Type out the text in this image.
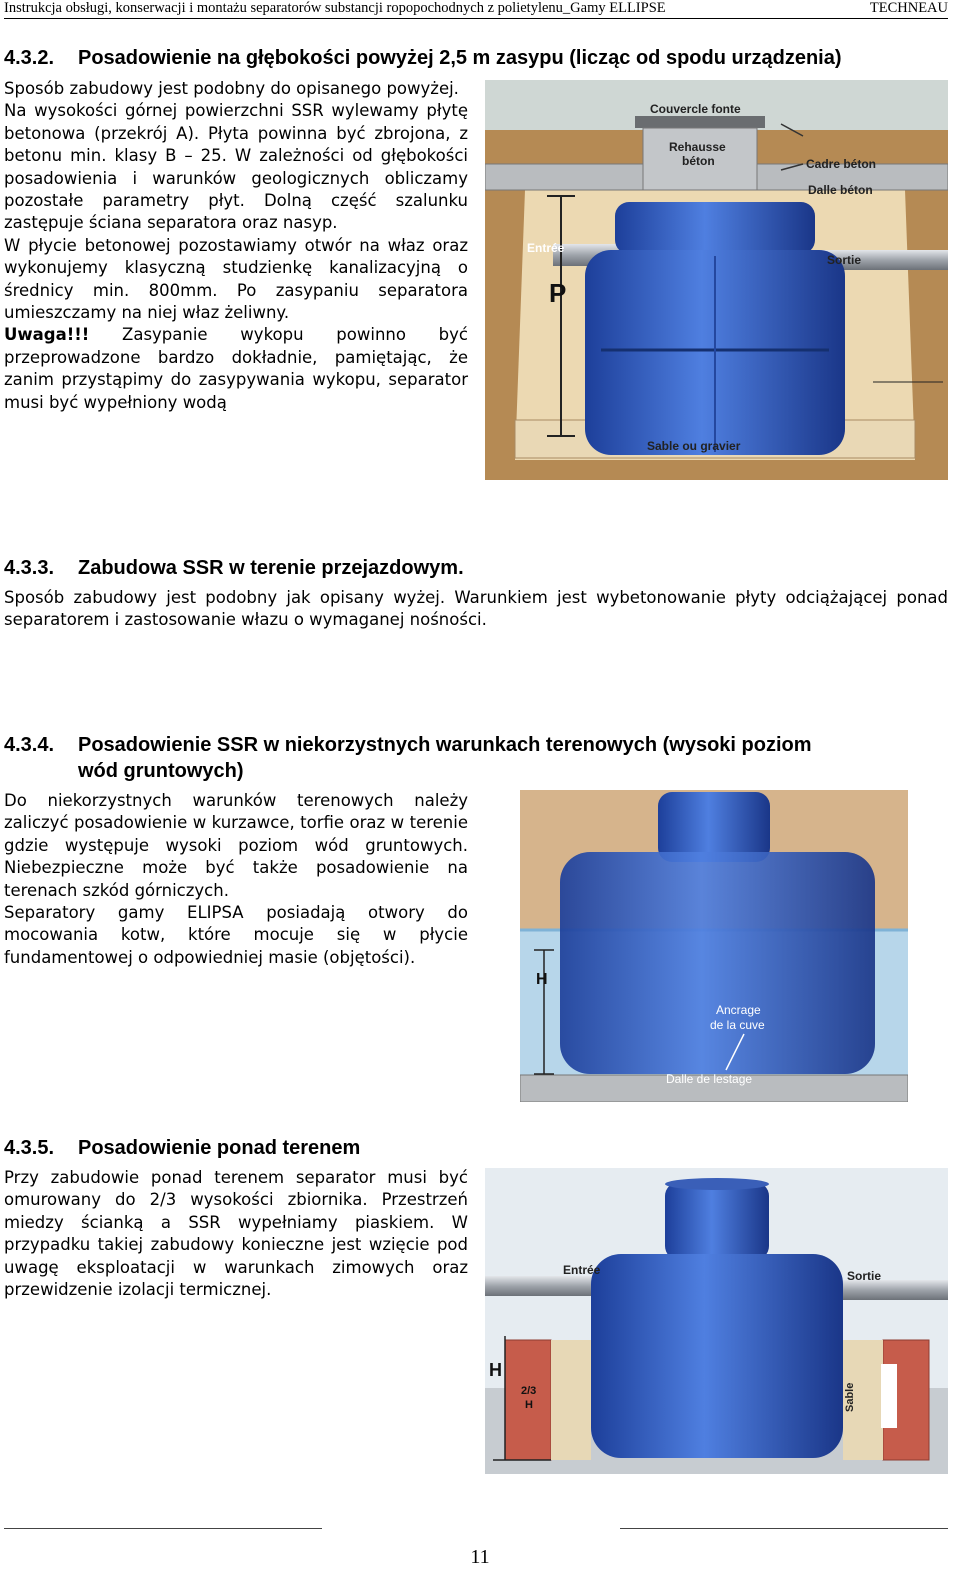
Instrukcja obsługi, konserwacji i montażu separatorów substancji ropopochodnych z polietylenu_Gamy ELLIPSE	TECHNEAU
4.3.2. Posadowienie na głębokości powyżej 2,5 m zasypu (licząc od spodu urządzenia)

Sposób zabudowy jest podobny do opisanego powyżej.

Na wysokości górnej powierzchni SSR wylewamy płytę betonowa (przekrój A). Płyta powinna być zbrojona, z betonu min. klasy B – 25. W zależności od głębokości posadowienia i warunków geologicznych obliczamy pozostałe parametry płyt. Dolną część szalunku zastępuje ściana separatora oraz nasyp.

W płycie betonowej pozostawiamy otwór na właz oraz wykonujemy klasyczną studzienkę kanalizacyjną o średnicy min. 800mm. Po zasypaniu separatora umieszczamy na niej właz żeliwny.

Uwaga!!! Zasypanie wykopu powinno być przeprowadzone bardzo dokładnie, pamiętając, że zanim przystąpimy do zasypywania wykopu, separator musi być wypełniony wodą

Couvercle fonte
Rehausse
béton	Cadre béton
Dalle béton
Entrée
Sortie
P
Sable ou gravier
4.3.3. Zabudowa SSR w terenie przejazdowym.

Sposób zabudowy jest podobny jak opisany wyżej. Warunkiem jest wybetonowanie płyty odciążającej ponad separatorem i zastosowanie włazu o wymaganej nośności.

4.3.4. Posadowienie SSR w niekorzystnych warunkach terenowych (wysoki poziom
wód gruntowych)

Do niekorzystnych warunków terenowych należy zaliczyć posadowienie w kurzawce, torfie oraz w terenie gdzie występuje wysoki poziom wód gruntowych. Niebezpieczne może być także posadowienie na terenach szkód górniczych.

Separatory gamy ELIPSA posiadają otwory do mocowania kotw, które mocuje się w płycie fundamentowej o odpowiedniej masie (objętości).

H
Ancrage
de la cuve
Dalle de lestage
4.3.5. Posadowienie ponad terenem

Przy zabudowie ponad terenem separator musi być omurowany do 2/3 wysokości zbiornika. Przestrzeń miedzy ścianką a SSR wypełniamy piaskiem. W przypadku takiej zabudowy konieczne jest wzięcie pod uwagę eksploatacji w warunkach zimowych oraz przewidzenie izolacji termicznej.

Entrée	Sortie
H
2/3
H	Sable
11
